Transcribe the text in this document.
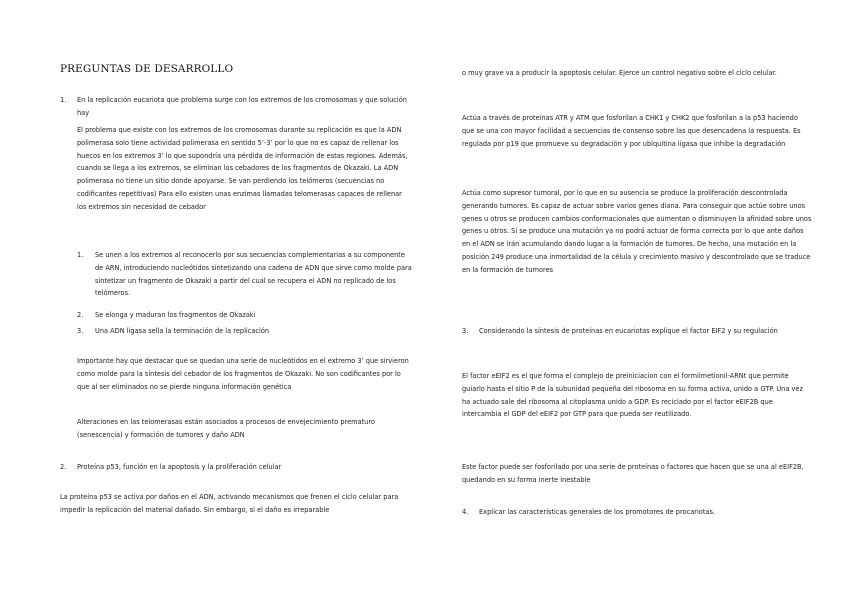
PREGUNTAS DE DESARROLLO
1.	En la replicación eucariota que problema surge con los extremos de los cromosomas y que solución hay
El problema que existe con los extremos de los cromosomas durante su replicación es que la ADN polimerasa solo tiene actividad polimerasa en sentido 5’-3’ por lo que no es capaz de rellenar los huecos en los extremos 3’ lo que supondría una pérdida de información de estas regiones. Además, cuando se llega a los extremos, se eliminan los cebadores de los fragmentos de Okazaki. La ADN polimerasa no tiene un sitio donde apoyarse. Se van perdiendo los telómeros (secuencias no codificantes repetitivas) Para ello existen unas enzimas llamadas telomerasas capaces de rellenar los extremos sin necesidad de cebador
1.	Se unen a los extremos al reconocerlo por sus secuencias complementarias a su componente de ARN, introduciendo nucleótidos sintetizando una cadena de ADN que sirve como molde para sintetizar un fragmento de Okazaki a partir del cual se recupera el ADN no replicado de los telómeros.
2.	Se elonga y maduran los fragmentos de Okazaki
3.	Una ADN ligasa sella la terminación de la replicación
Importante hay que destacar que se quedan una serie de nucleótidos en el extremo 3’ que sirvieron como molde para la síntesis del cebador de los fragmentos de Okazaki. No son codificantes por lo que al ser eliminados no se pierde ninguna información genética
Alteraciones en las telomerasas están asociados a procesos de envejecimiento prematuro (senescencia) y formación de tumores y daño ADN
2.	Proteína p53, función en la apoptosis y la proliferación celular
La proteína p53 se activa por daños en el ADN, activando mecanismos que frenen el ciclo celular para impedir la replicación del material dañado. Sin embargo, si el daño es irreparable
o muy grave va a producir la apoptosis celular. Ejerce un control negativo sobre el ciclo celular.
Actúa a través de proteínas ATR y ATM que fosforilan a CHK1 y CHK2 que fosforilan a la p53 haciendo que se una con mayor facilidad a secuencias de consenso sobre las que desencadena la respuesta. Es regulada por p19 que promueve su degradación y por ubiquitina ligasa que inhibe la degradación
Actúa como supresor tumoral, por lo que en su ausencia se produce la proliferación descontrolada generando tumores. Es capaz de actuar sobre varios genes diana. Para conseguir que actúe sobre unos genes u otros se producen cambios conformacionales que aumentan o disminuyen la afinidad sobre unos genes u otros. Si se produce una mutación ya no podrá actuar de forma correcta por lo que ante daños en el ADN se irán acumulando dando lugar a la formación de tumores. De hecho, una mutación en la posición 249 produce una inmortalidad de la célula y crecimiento masivo y descontrolado que se traduce en la formación de tumores
3.	Considerando la síntesis de proteínas en eucariotas explique el factor EIF2 y su regulación
El factor eEIF2 es el que forma el complejo de preiniciacion con el formilmetionil-ARNt que permite guiarlo hasta el sitio P de la subunidad pequeña del ribosoma en su forma activa, unido a GTP. Una vez ha actuado sale del ribosoma al citoplasma unido a GDP. Es reciclado por el factor eEIF2B que intercambia el GDP del eEIF2 por GTP para que pueda ser reutilizado.
Este factor puede ser fosforilado por una serie de proteínas o factores que hacen que se una al eEIF2B, quedando en su forma inerte inestable
4.	Explicar las características generales de los promotores de procariotas.
